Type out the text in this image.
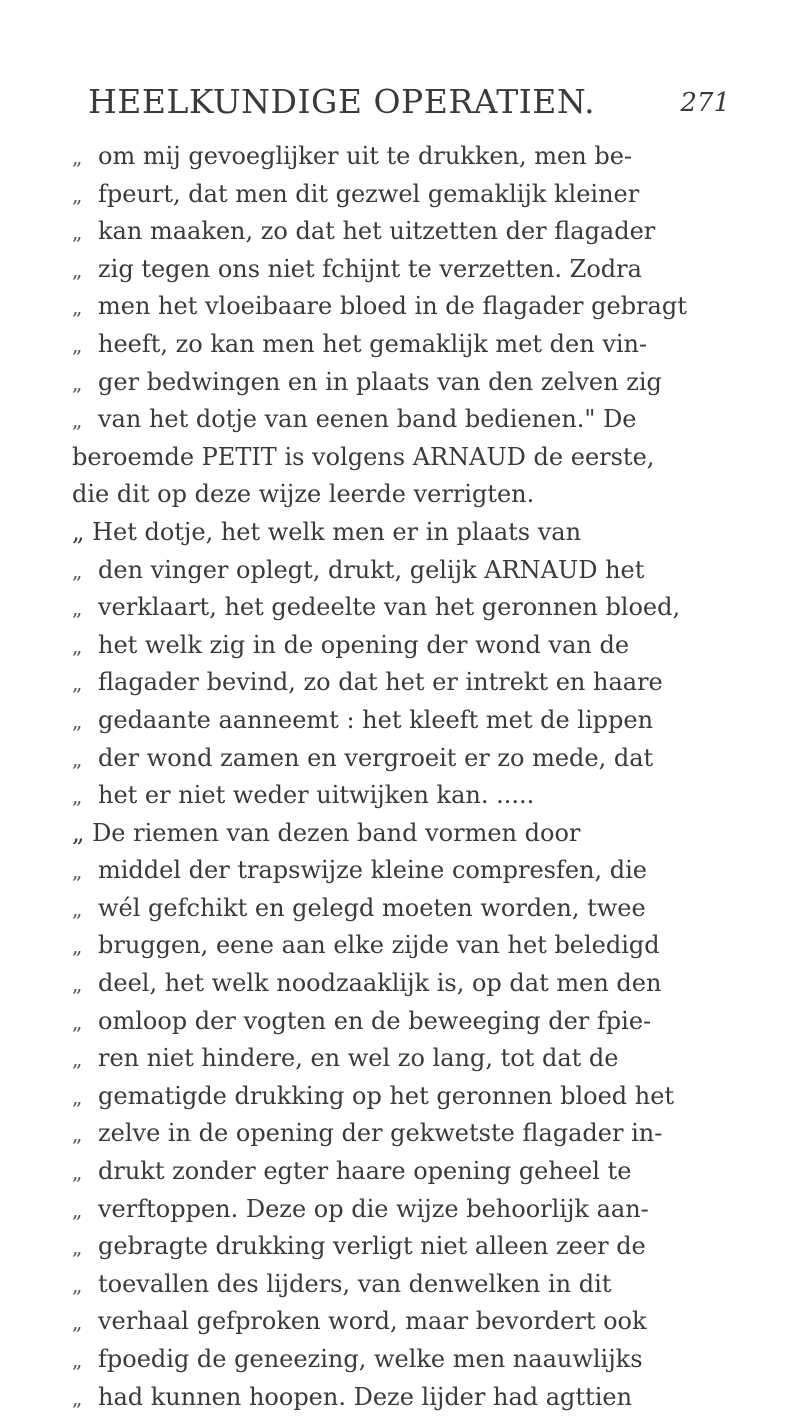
HEELKUNDIGE OPERATIEN.	271
„ om mij gevoeglijker uit te drukken, men be-
„ fpeurt, dat men dit gezwel gemaklijk kleiner
„ kan maaken, zo dat het uitzetten der flagader
„ zig tegen ons niet fchijnt te verzetten. Zodra
„ men het vloeibaare bloed in de flagader gebragt
„ heeft, zo kan men het gemaklijk met den vin-
„ ger bedwingen en in plaats van den zelven zig
„ van het dotje van eenen band bedienen." De
beroemde PETIT is volgens ARNAUD de eerste,
die dit op deze wijze leerde verrigten.
„ Het dotje, het welk men er in plaats van
„ den vinger oplegt, drukt, gelijk ARNAUD het
„ verklaart, het gedeelte van het geronnen bloed,
„ het welk zig in de opening der wond van de
„ flagader bevind, zo dat het er intrekt en haare
„ gedaante aanneemt : het kleeft met de lippen
„ der wond zamen en vergroeit er zo mede, dat
„ het er niet weder uitwijken kan. .....
„ De riemen van dezen band vormen door
„ middel der trapswijze kleine compresfen, die
„ wél gefchikt en gelegd moeten worden, twee
„ bruggen, eene aan elke zijde van het beledigd
„ deel, het welk noodzaaklijk is, op dat men den
„ omloop der vogten en de beweeging der fpie-
„ ren niet hindere, en wel zo lang, tot dat de
„ gematigde drukking op het geronnen bloed het
„ zelve in de opening der gekwetste flagader in-
„ drukt zonder egter haare opening geheel te
„ verftoppen. Deze op die wijze behoorlijk aan-
„ gebragte drukking verligt niet alleen zeer de
„ toevallen des lijders, van denwelken in dit
„ verhaal gefproken word, maar bevordert ook
„ fpoedig de geneezing, welke men naauwlijks
„ had kunnen hoopen. Deze lijder had agttien
